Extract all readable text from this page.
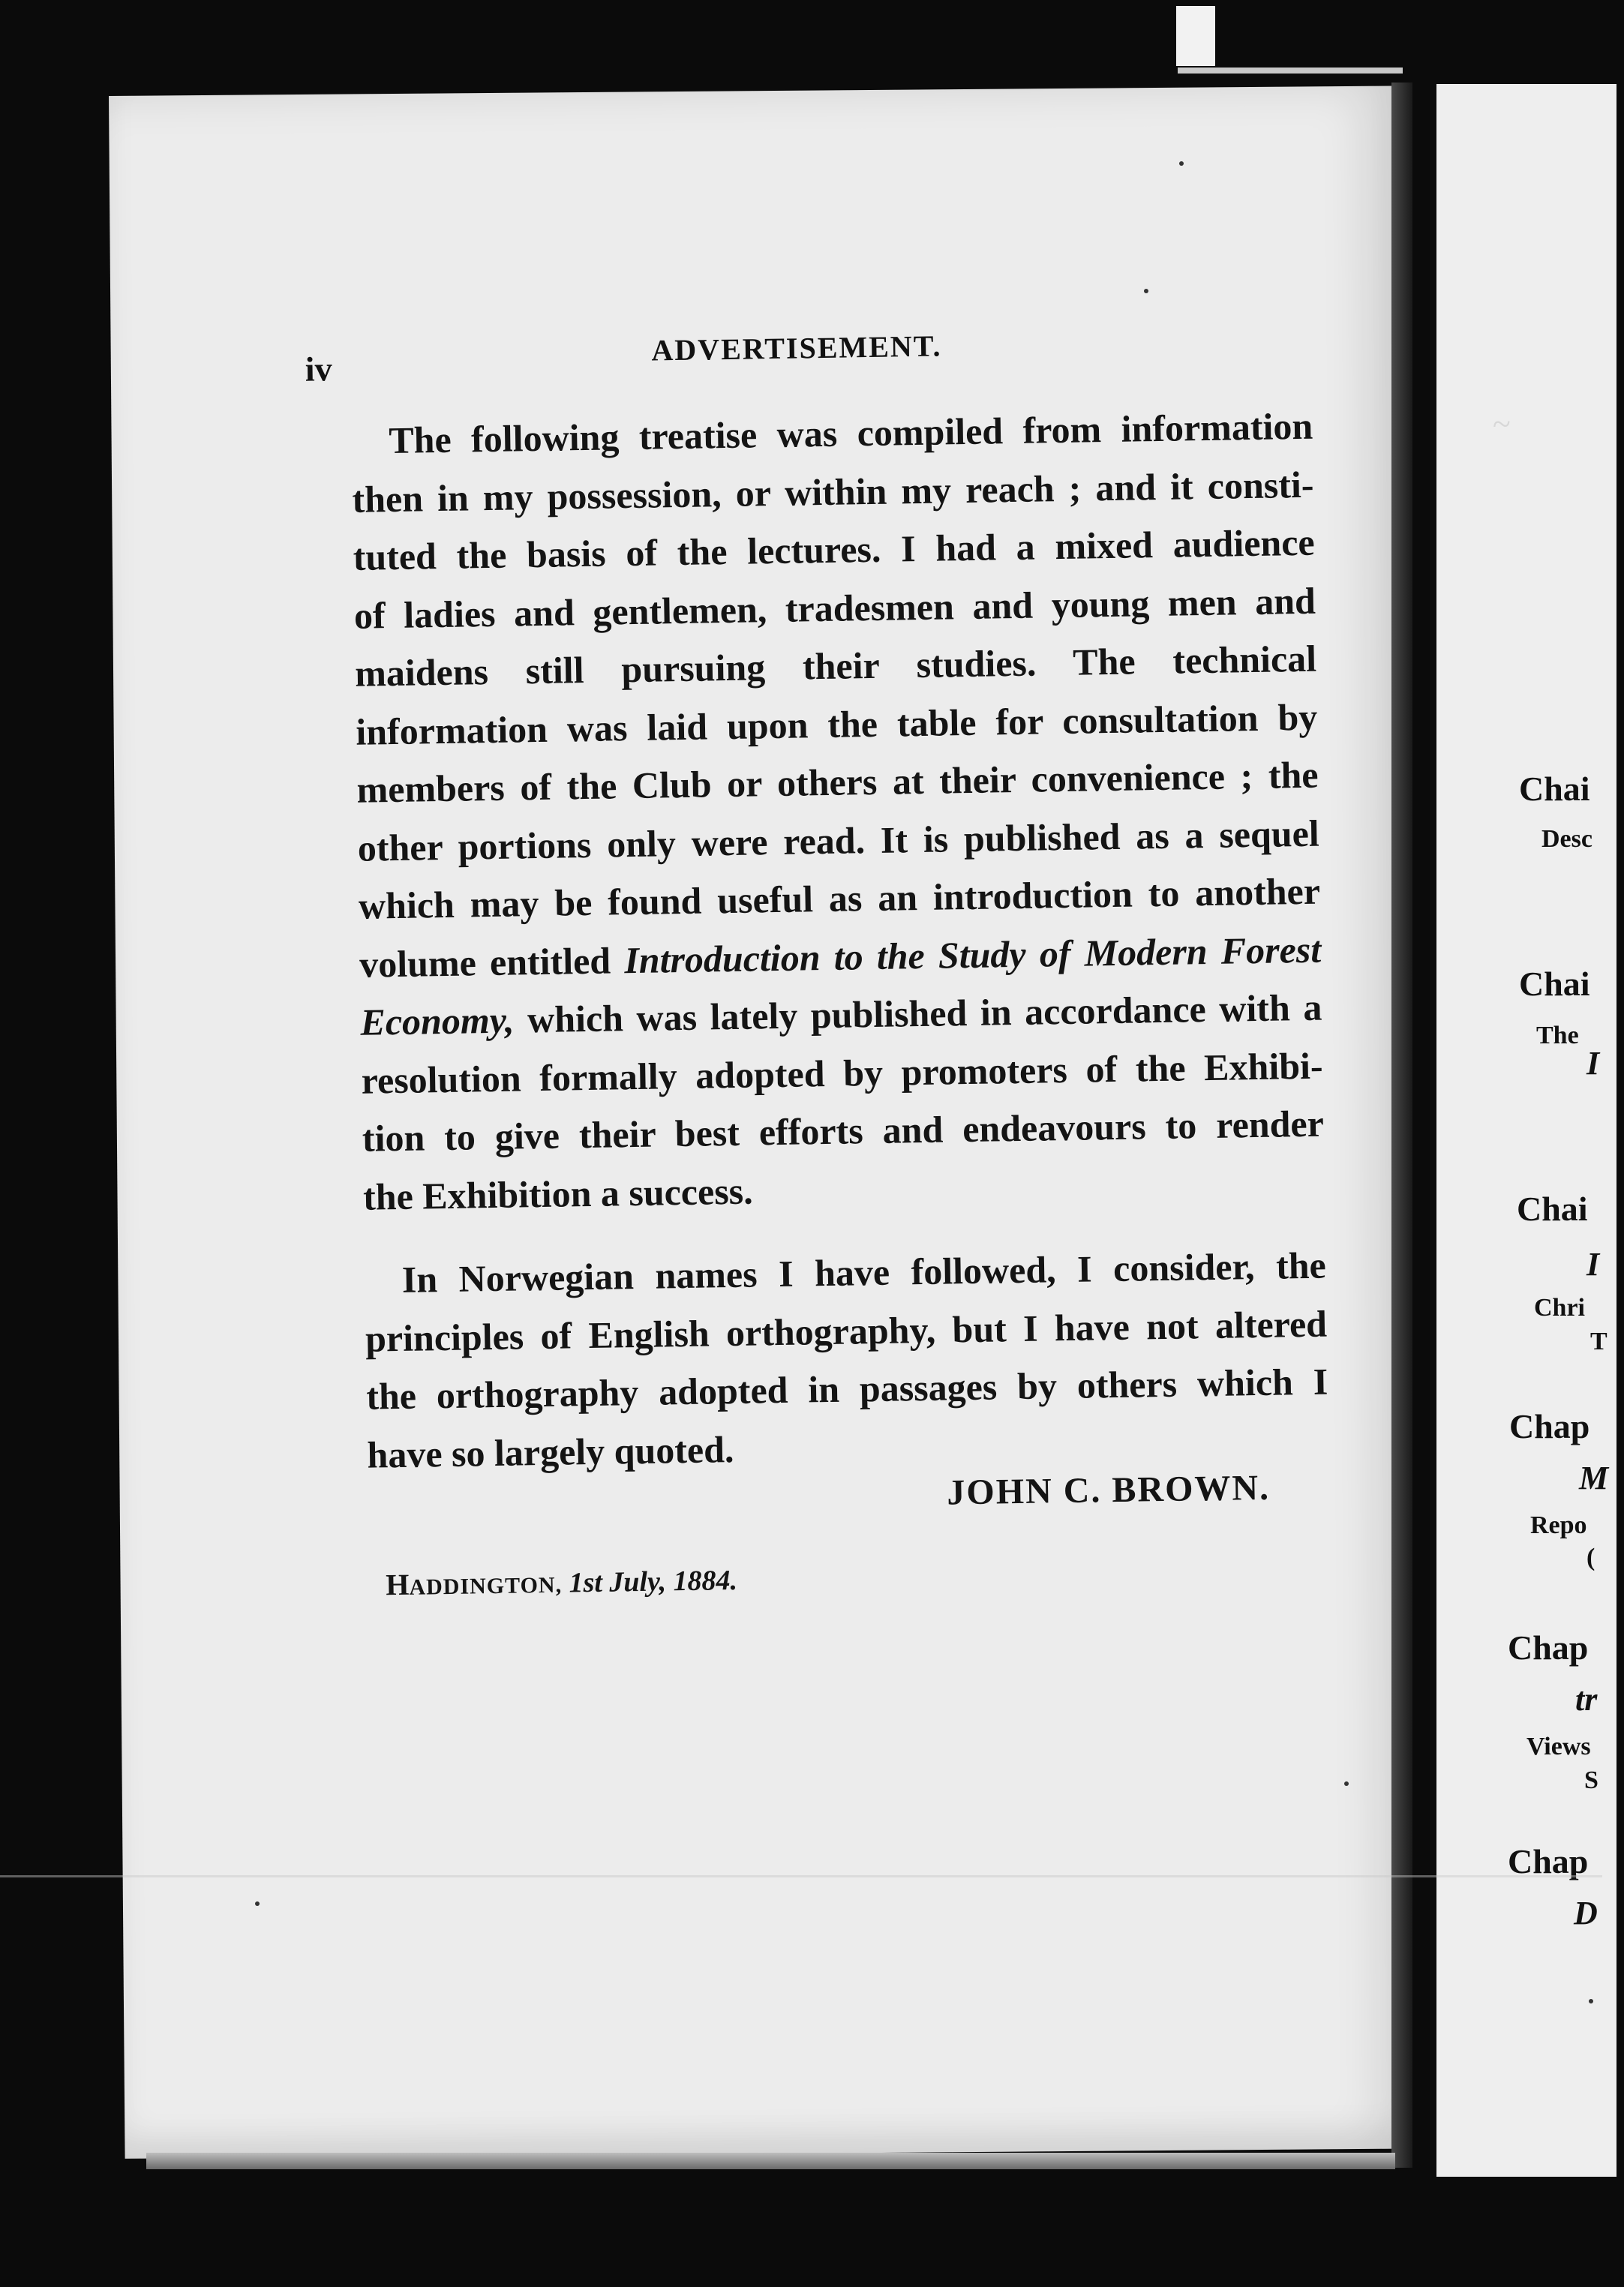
iv
ADVERTISEMENT.
The following treatise was compiled from information
then in my possession, or within my reach ; and it consti-
tuted the basis of the lectures. I had a mixed audience
of ladies and gentlemen, tradesmen and young men and
maidens still pursuing their studies. The technical
information was laid upon the table for consultation by
members of the Club or others at their convenience ; the
other portions only were read. It is published as a sequel
which may be found useful as an introduction to another
volume entitled Introduction to the Study of Modern Forest
Economy, which was lately published in accordance with a
resolution formally adopted by promoters of the Exhibi-
tion to give their best efforts and endeavours to render
the Exhibition a success.
In Norwegian names I have followed, I consider, the
principles of English orthography, but I have not altered
the orthography adopted in passages by others which I
have so largely quoted.
JOHN C. BROWN.
HADDINGTON, 1st July, 1884.
~
Chai
Desc
Chai
The
I
Chai
I
Chri
T
Chap
M
Repo
(
Chap
tr
Views
S
Chap
D
